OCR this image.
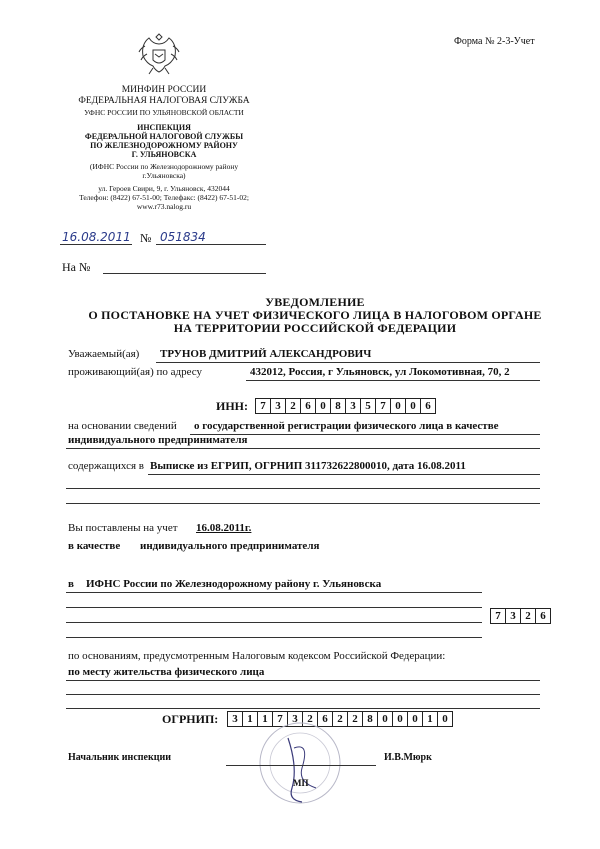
Форма № 2-3-Учет
МИНФИН РОССИИ
ФЕДЕРАЛЬНАЯ НАЛОГОВАЯ СЛУЖБА
УФНС РОССИИ ПО УЛЬЯНОВСКОЙ ОБЛАСТИ
ИНСПЕКЦИЯ
ФЕДЕРАЛЬНОЙ НАЛОГОВОЙ СЛУЖБЫ
ПО ЖЕЛЕЗНОДОРОЖНОМУ РАЙОНУ
Г. УЛЬЯНОВСКА
(ИФНС России по Железнодорожному району
г.Ульяновска)
ул. Героев Свири, 9, г. Ульяновск, 432044
Телефон: (8422) 67-51-00; Телефакс: (8422) 67-51-02;
www.r73.nalog.ru
16.08.2011 № 051834
На №
УВЕДОМЛЕНИЕ
О ПОСТАНОВКЕ НА УЧЕТ ФИЗИЧЕСКОГО ЛИЦА В НАЛОГОВОМ ОРГАНЕ
НА ТЕРРИТОРИИ РОССИЙСКОЙ ФЕДЕРАЦИИ
Уважаемый(ая) ТРУНОВ ДМИТРИЙ АЛЕКСАНДРОВИЧ
проживающий(ая) по адресу	432012, Россия, г Ульяновск, ул Локомотивная, 70, 2
ИНН:	7 3 2 6 0 8 3 5 7 0 0 6
на основании сведений о государственной регистрации физического лица в качестве
индивидуального предпринимателя
содержащихся в Выписке из ЕГРИП, ОГРНИП 311732622800010, дата 16.08.2011
Вы поставлены на учет 16.08.2011г.
в качестве индивидуального предпринимателя
в ИФНС России по Железнодорожному району г. Ульяновска
7 3 2 6
по основаниям, предусмотренным Налоговым кодексом Российской Федерации:
по месту жительства физического лица
ОГРНИП:	3 1 1 7 3 2 6 2 2 8 0 0 0 1 0
Начальник инспекции	И.В.Мюрк
МП
